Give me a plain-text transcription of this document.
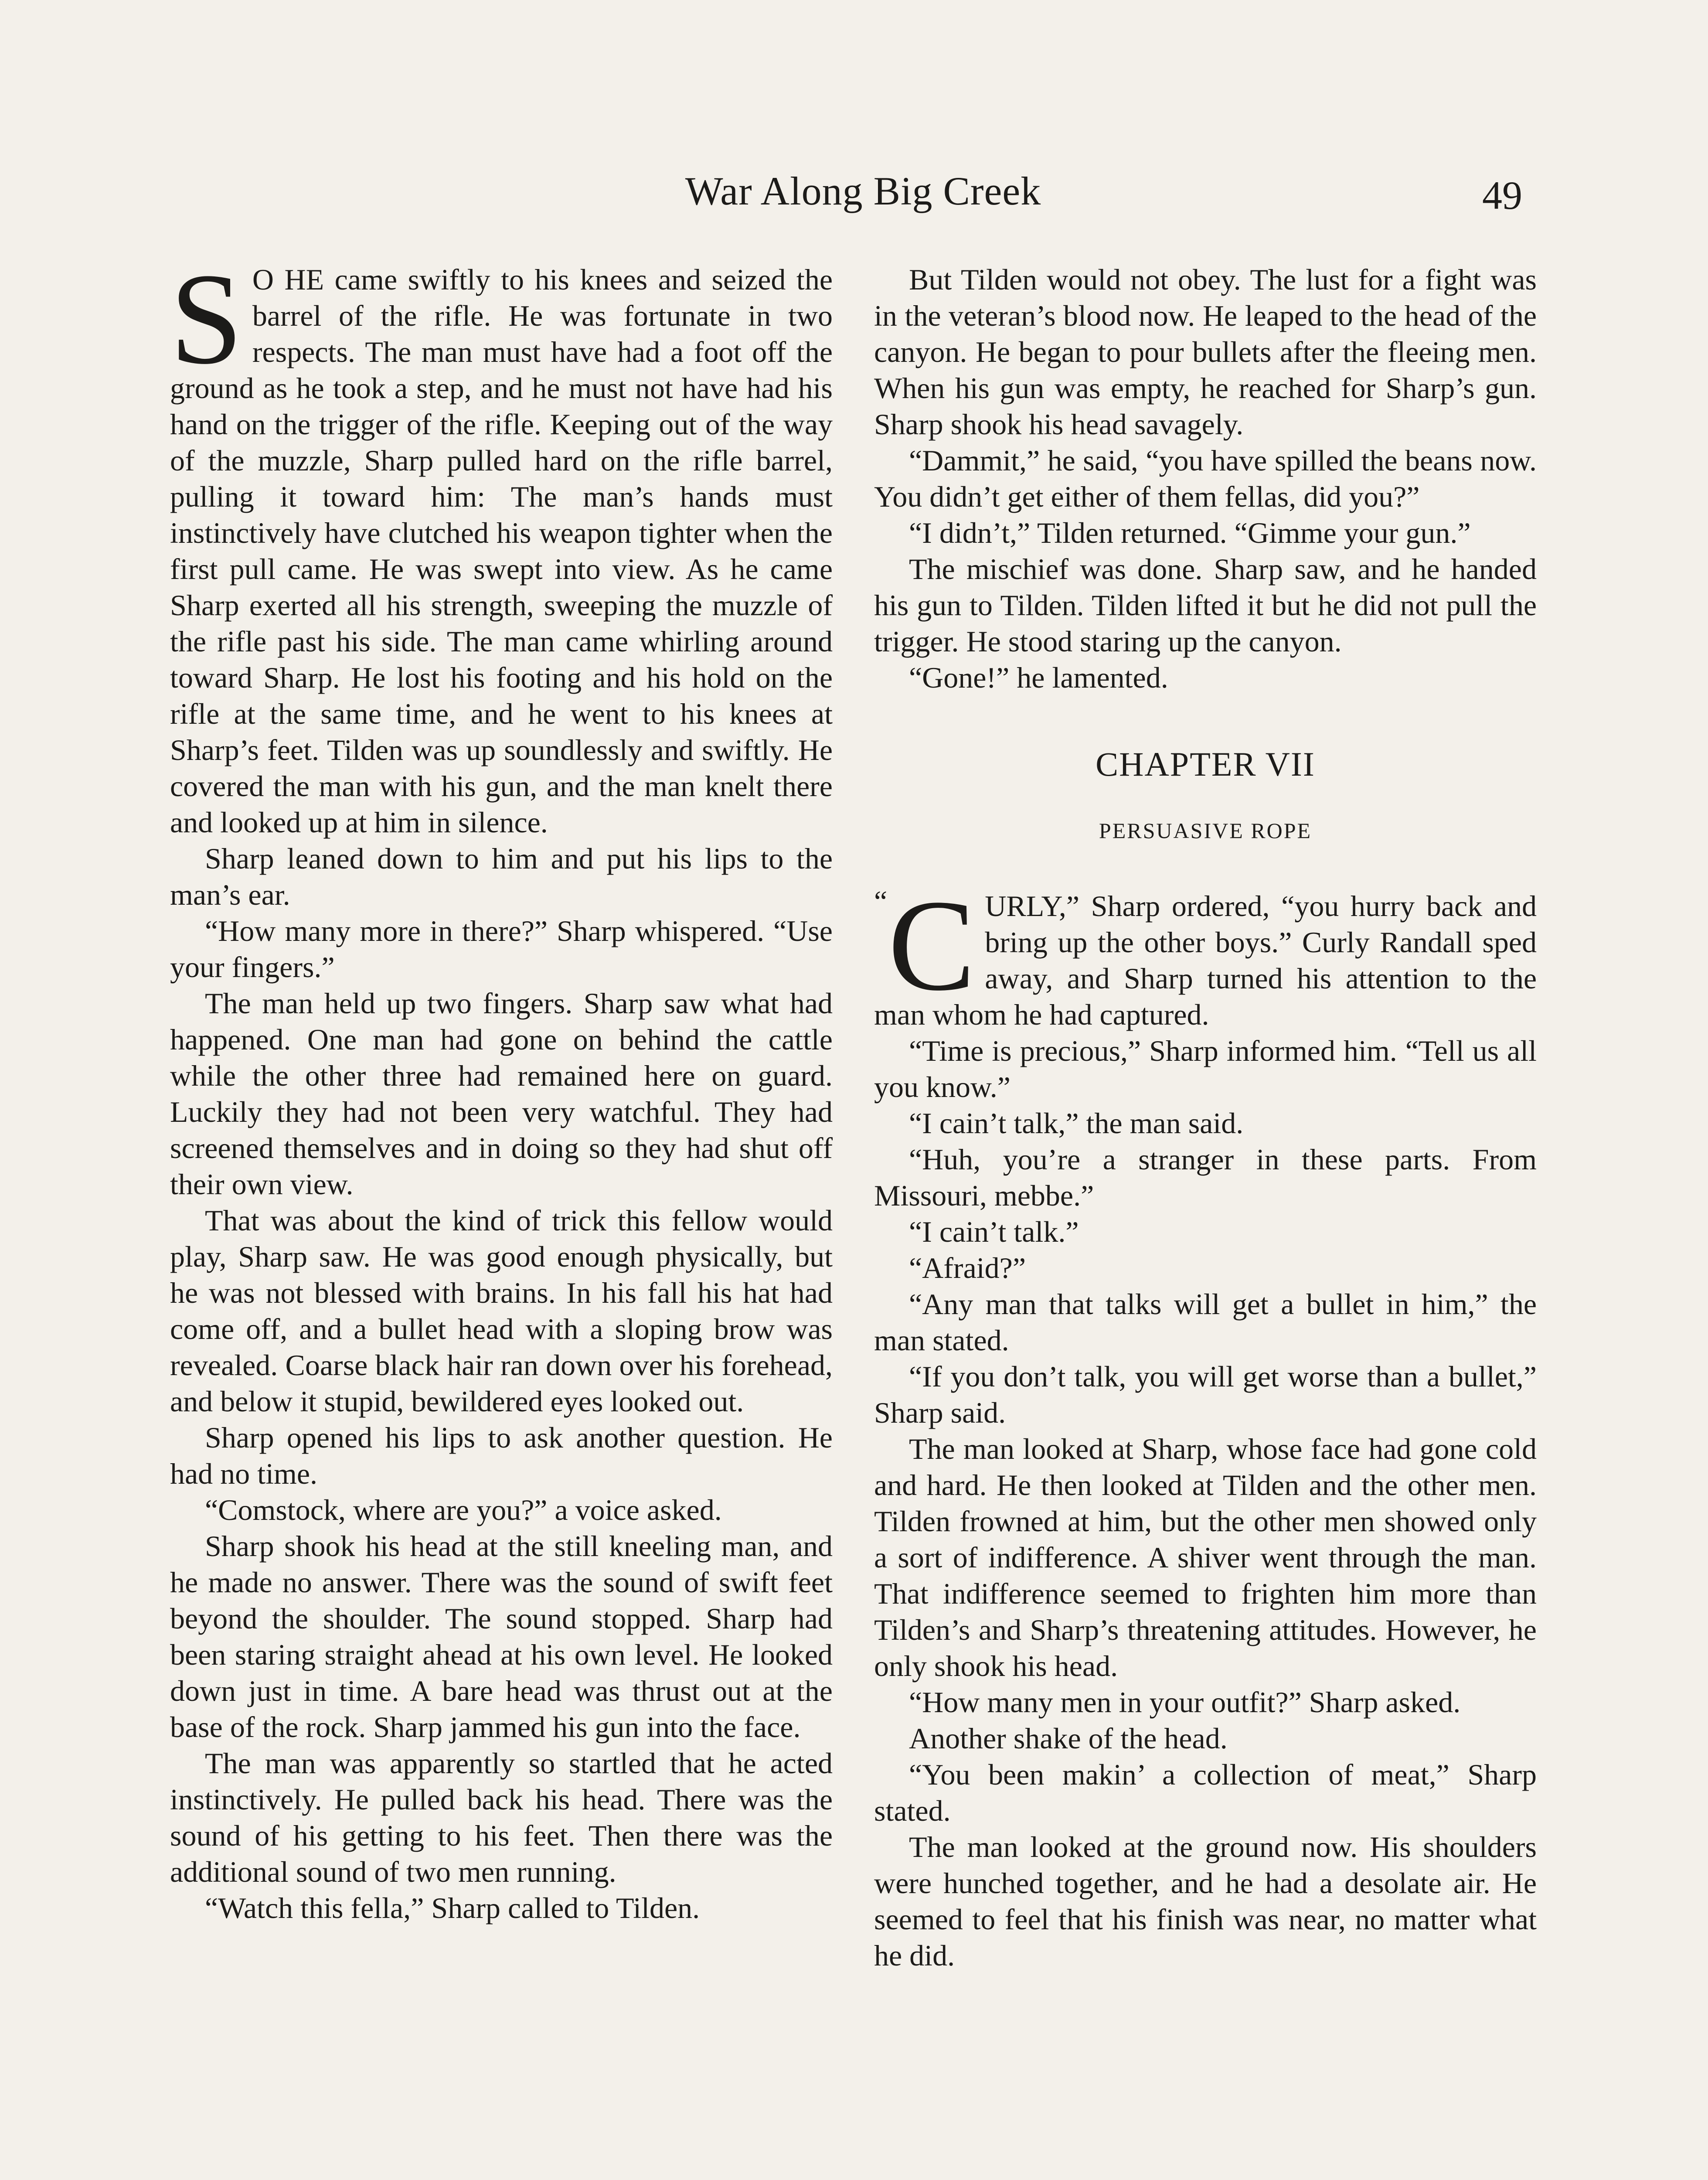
War Along Big Creek	49

S O HE came swiftly to his knees and seized the barrel of the rifle. He was fortunate in two respects. The man must have had a foot off the ground as he took a step, and he must not have had his hand on the trigger of the rifle. Keeping out of the way of the muzzle, Sharp pulled hard on the rifle barrel, pulling it toward him: The man’s hands must instinctively have clutched his weapon tighter when the first pull came. He was swept into view. As he came Sharp exerted all his strength, sweeping the muzzle of the rifle past his side. The man came whirling around toward Sharp. He lost his footing and his hold on the rifle at the same time, and he went to his knees at Sharp’s feet. Tilden was up soundlessly and swiftly. He covered the man with his gun, and the man knelt there and looked up at him in silence.

Sharp leaned down to him and put his lips to the man’s ear.

“How many more in there?” Sharp whispered. “Use your fingers.”

The man held up two fingers. Sharp saw what had happened. One man had gone on behind the cattle while the other three had remained here on guard. Luckily they had not been very watchful. They had screened themselves and in doing so they had shut off their own view.

That was about the kind of trick this fellow would play, Sharp saw. He was good enough physically, but he was not blessed with brains. In his fall his hat had come off, and a bullet head with a sloping brow was revealed. Coarse black hair ran down over his forehead, and below it stupid, bewildered eyes looked out.

Sharp opened his lips to ask another question. He had no time.

“Comstock, where are you?” a voice asked.

Sharp shook his head at the still kneeling man, and he made no answer. There was the sound of swift feet beyond the shoulder. The sound stopped. Sharp had been staring straight ahead at his own level. He looked down just in time. A bare head was thrust out at the base of the rock. Sharp jammed his gun into the face.

The man was apparently so startled that he acted instinctively. He pulled back his head. There was the sound of his getting to his feet. Then there was the additional sound of two men running.

“Watch this fella,” Sharp called to Tilden.

But Tilden would not obey. The lust for a fight was in the veteran’s blood now. He leaped to the head of the canyon. He began to pour bullets after the fleeing men. When his gun was empty, he reached for Sharp’s gun. Sharp shook his head savagely.

“Dammit,” he said, “you have spilled the beans now. You didn’t get either of them fellas, did you?”

“I didn’t,” Tilden returned. “Gimme your gun.”

The mischief was done. Sharp saw, and he handed his gun to Tilden. Tilden lifted it but he did not pull the trigger. He stood staring up the canyon.

“Gone!” he lamented.

CHAPTER VII
PERSUASIVE ROPE

“ C URLY,” Sharp ordered, “you hurry back and bring up the other boys.” Curly Randall sped away, and Sharp turned his attention to the man whom he had captured.

“Time is precious,” Sharp informed him. “Tell us all you know.”

“I cain’t talk,” the man said.

“Huh, you’re a stranger in these parts. From Missouri, mebbe.”

“I cain’t talk.”

“Afraid?”

“Any man that talks will get a bullet in him,” the man stated.

“If you don’t talk, you will get worse than a bullet,” Sharp said.

The man looked at Sharp, whose face had gone cold and hard. He then looked at Tilden and the other men. Tilden frowned at him, but the other men showed only a sort of indifference. A shiver went through the man. That indifference seemed to frighten him more than Tilden’s and Sharp’s threatening attitudes. However, he only shook his head.

“How many men in your outfit?” Sharp asked.

Another shake of the head.

“You been makin’ a collection of meat,” Sharp stated.

The man looked at the ground now. His shoulders were hunched together, and he had a desolate air. He seemed to feel that his finish was near, no matter what he did.
